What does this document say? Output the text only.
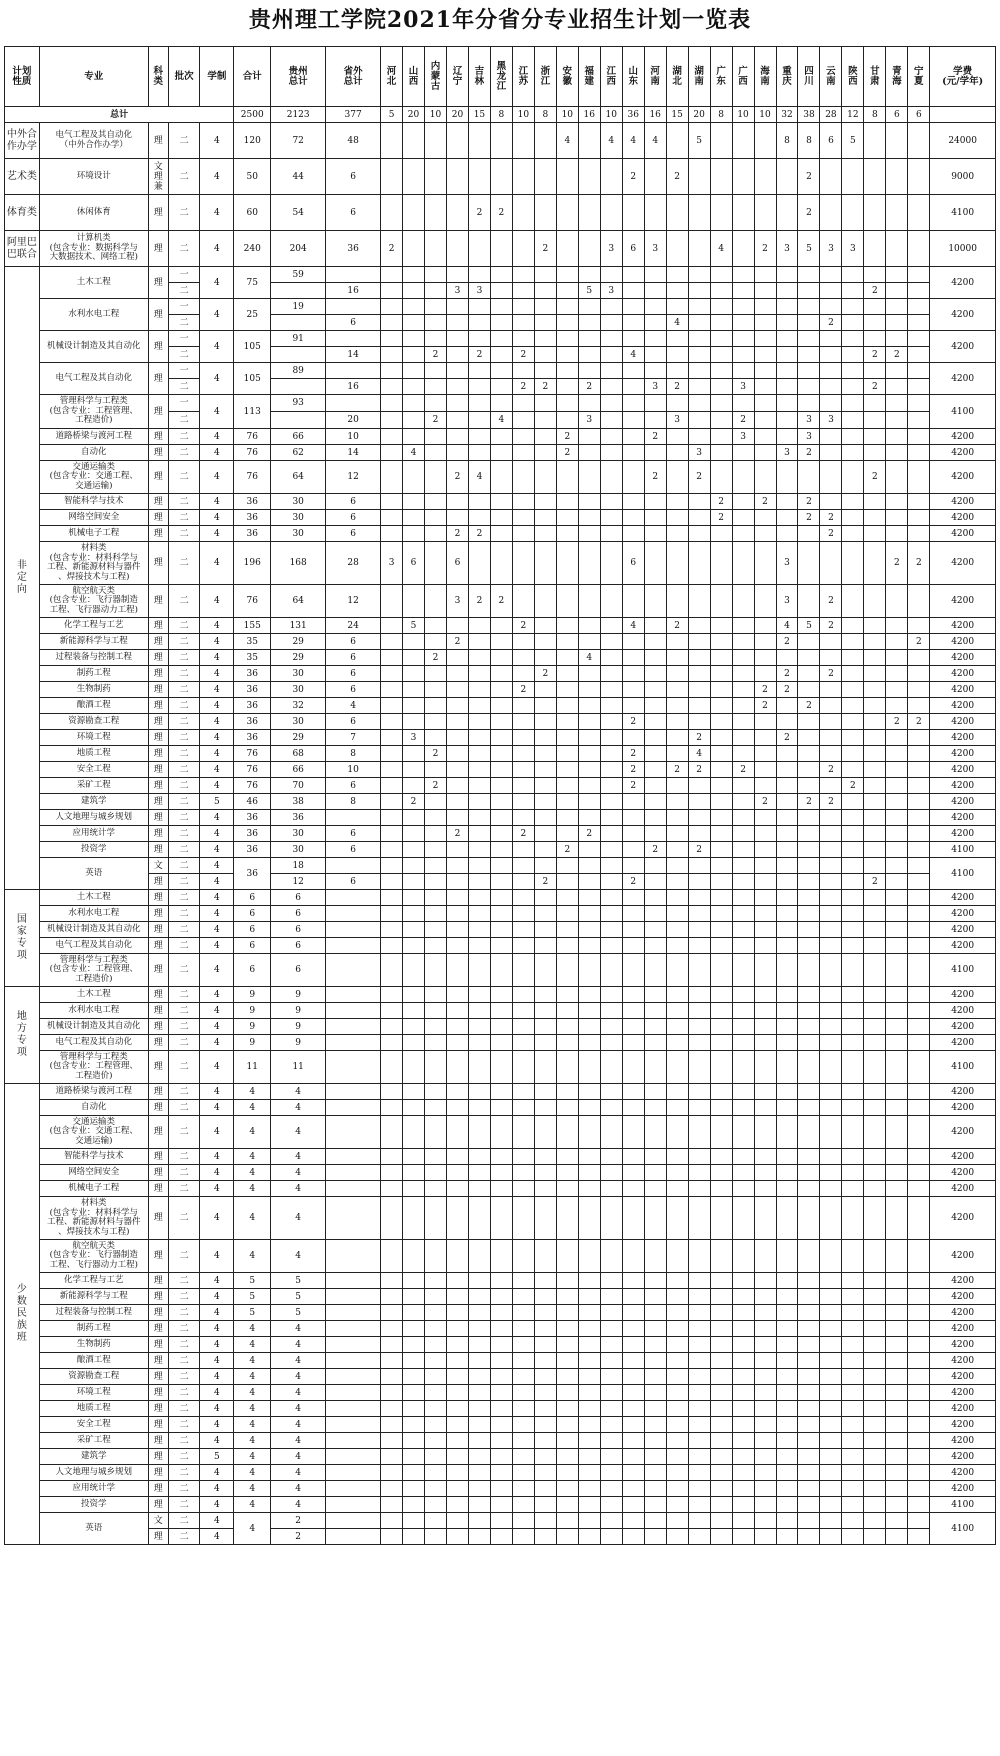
贵州理工学院2021年分省分专业招生计划一览表
计划
性质	专业	科
类	批次	学制	合计	贵州
总计	省外
总计	河
北	山
西	内
蒙
古	辽
宁	吉
林	黑
龙
江	江
苏	浙
江	安
徽	福
建	江
西	山
东	河
南	湖
北	湖
南	广
东	广
西	海
南	重
庆	四
川	云
南	陕
西	甘
肃	青
海	宁
夏	学费
(元/学年)
总计					2500	2123	377	5	20	10	20	15	8	10	8	10	16	10	36	16	15	20	8	10	10	32	38	28	12	8	6	6	
中外合作办学	电气工程及其自动化
（中外合作办学）	理	二	4	120	72	48									4		4	4	4		5				8	8	6	5				24000
艺术类	环境设计	文
理
兼	二	4	50	44	6												2		2						2						9000
体育类	休闲体育	理	二	4	60	54	6					2	2														2						4100
阿里巴巴联合	计算机类
(包含专业：数据科学与
大数据技术、网络工程)	理	二	4	240	204	36	2							2			3	6	3			4		2	3	5	3	3				10000
非
定
向	土木工程	理	一	4	75	59																											4200
			二				16				3	3					5	3												2			
	水利水电工程	理	一	4	25	19																											4200
			二				6														4							2					
	机械设计制造及其自动化	理	一	4	105	91																											4200
			二				14			2		2		2					4											2	2		
	电气工程及其自动化	理	一	4	105	89																											4200
			二				16							2	2		2			3	2			3						2			
	管理科学与工程类
(包含专业：工程管理、
工程造价)	理	一	4	113	93																											4100
			二				20			2			4				3				3			2			3	3					
	道路桥梁与渡河工程	理	二	4	76	66	10									2				2				3			3						4200
	自动化	理	二	4	76	62	14		4							2						3				3	2						4200
	交通运输类
(包含专业：交通工程、
交通运输)	理	二	4	76	64	12				2	4								2		2								2			4200
	智能科学与技术	理	二	4	36	30	6																2		2		2						4200
	网络空间安全	理	二	4	36	30	6																2				2	2					4200
	机械电子工程	理	二	4	36	30	6				2	2																2					4200
	材料类
(包含专业：材料科学与
工程、新能源材料与器件
、焊接技术与工程)	理	二	4	196	168	28	3	6		6								6							3					2	2	4200
	航空航天类
(包含专业：飞行器制造
工程、飞行器动力工程)	理	二	4	76	64	12				3	2	2													3		2					4200
	化学工程与工艺	理	二	4	155	131	24		5					2					4		2					4	5	2					4200
	新能源科学与工程	理	二	4	35	29	6				2															2						2	4200
	过程装备与控制工程	理	二	4	35	29	6			2							4																4200
	制药工程	理	二	4	36	30	6								2											2		2					4200
	生物制药	理	二	4	36	30	6							2											2	2							4200
	酿酒工程	理	二	4	36	32	4																		2		2						4200
	资源勘查工程	理	二	4	36	30	6												2												2	2	4200
	环境工程	理	二	4	36	29	7		3													2				2							4200
	地质工程	理	二	4	76	68	8			2									2			4											4200
	安全工程	理	二	4	76	66	10												2		2	2		2				2					4200
	采矿工程	理	二	4	76	70	6			2									2										2				4200
	建筑学	理	二	5	46	38	8		2																2		2	2					4200
	人文地理与城乡规划	理	二	4	36	36																											4200
	应用统计学	理	二	4	36	30	6				2			2			2																4200
	投资学	理	二	4	36	30	6									2				2		2											4100
	英语	文	二	4	36	18																											4100
		理	二	4		12	6								2				2											2			
国
家
专
项	土木工程	理	二	4	6	6																											4200
	水利水电工程	理	二	4	6	6																											4200
	机械设计制造及其自动化	理	二	4	6	6																											4200
	电气工程及其自动化	理	二	4	6	6																											4200
	管理科学与工程类
(包含专业：工程管理、
工程造价)	理	二	4	6	6																											4100
地
方
专
项	土木工程	理	二	4	9	9																											4200
	水利水电工程	理	二	4	9	9																											4200
	机械设计制造及其自动化	理	二	4	9	9																											4200
	电气工程及其自动化	理	二	4	9	9																											4200
	管理科学与工程类
(包含专业：工程管理、
工程造价)	理	二	4	11	11																											4100
少
数
民
族
班	道路桥梁与渡河工程	理	二	4	4	4																											4200
	自动化	理	二	4	4	4																											4200
	交通运输类
(包含专业：交通工程、
交通运输)	理	二	4	4	4																											4200
	智能科学与技术	理	二	4	4	4																											4200
	网络空间安全	理	二	4	4	4																											4200
	机械电子工程	理	二	4	4	4																											4200
	材料类
(包含专业：材料科学与
工程、新能源材料与器件
、焊接技术与工程)	理	二	4	4	4																											4200
	航空航天类
(包含专业：飞行器制造
工程、飞行器动力工程)	理	二	4	4	4																											4200
	化学工程与工艺	理	二	4	5	5																											4200
	新能源科学与工程	理	二	4	5	5																											4200
	过程装备与控制工程	理	二	4	5	5																											4200
	制药工程	理	二	4	4	4																											4200
	生物制药	理	二	4	4	4																											4200
	酿酒工程	理	二	4	4	4																											4200
	资源勘查工程	理	二	4	4	4																											4200
	环境工程	理	二	4	4	4																											4200
	地质工程	理	二	4	4	4																											4200
	安全工程	理	二	4	4	4																											4200
	采矿工程	理	二	4	4	4																											4200
	建筑学	理	二	5	4	4																											4200
	人文地理与城乡规划	理	二	4	4	4																											4200
	应用统计学	理	二	4	4	4																											4200
	投资学	理	二	4	4	4																											4100
	英语	文	二	4	4	2																											4100
		理	二	4		2																											
